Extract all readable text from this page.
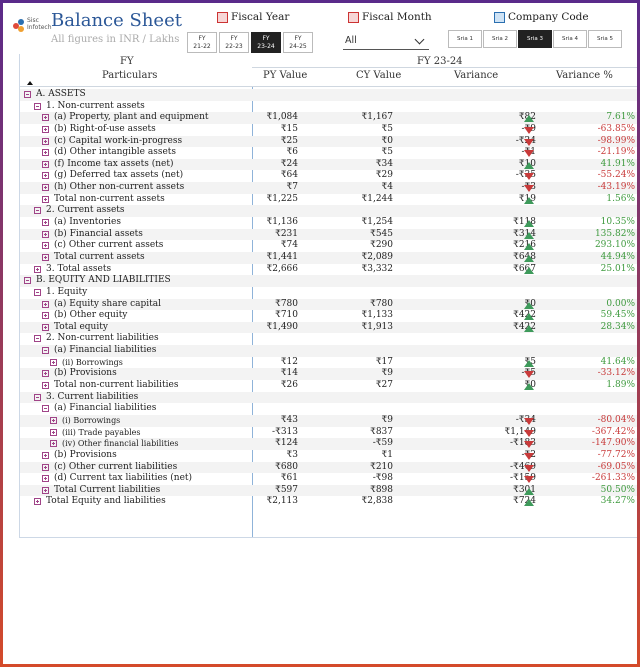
Sisc
Infotech Balance Sheet
All figures in INR / Lakhs
Fiscal Year
FY
21-22
FY
22-23
FY
23-24
FY
24-25
Fiscal Month
All
Company Code
Sria 1	Sria 2	Sria 3	Sria 4	Sria 5
FY	FY 23-24
Particulars	PY Value	CY Value	Variance	Variance %
A. ASSETS
1. Non-current assets
(a) Property, plant and equipment	₹1,084	₹1,167	₹82	7.61%
(b) Right-of-use assets	₹15	₹5	-₹9	-63.85%
(c) Capital work-in-progress	₹25	₹0	-₹24	-98.99%
(d) Other intangible assets	₹6	₹5	-₹1	-21.19%
(f) Income tax assets (net)	₹24	₹34	₹10	41.91%
(g) Deferred tax assets (net)	₹64	₹29	-₹35	-55.24%
(h) Other non-current assets	₹7	₹4	-₹3	-43.19%
Total non-current assets	₹1,225	₹1,244	₹19	1.56%
2. Current assets
(a) Inventories	₹1,136	₹1,254	₹118	10.35%
(b) Financial assets	₹231	₹545	₹314	135.82%
(c) Other current assets	₹74	₹290	₹216	293.10%
Total current assets	₹1,441	₹2,089	₹648	44.94%
3. Total assets	₹2,666	₹3,332	₹667	25.01%
B. EQUITY AND LIABILITIES
1. Equity
(a) Equity share capital	₹780	₹780	₹0	0.00%
(b) Other equity	₹710	₹1,133	₹422	59.45%
Total equity	₹1,490	₹1,913	₹422	28.34%
2. Non-current liabilities
(a) Financial liabilities
(ii) Borrowings	₹12	₹17	₹5	41.64%
(b) Provisions	₹14	₹9	-₹5	-33.12%
Total non-current liabilities	₹26	₹27	₹0	1.89%
3. Current liabilities
(a) Financial liabilities
(i) Borrowings	₹43	₹9	-₹34	-80.04%
(iii) Trade payables	-₹313	₹837	₹1,149	-367.42%
(iv) Other financial liabilities	₹124	-₹59	-₹183	-147.90%
(b) Provisions	₹3	₹1	-₹2	-77.72%
(c) Other current liabilities	₹680	₹210	-₹469	-69.05%
(d) Current tax liabilities (net)	₹61	-₹98	-₹159	-261.33%
Total Current liabilities	₹597	₹898	₹301	50.50%
Total Equity and liabilities	₹2,113	₹2,838	₹724	34.27%
